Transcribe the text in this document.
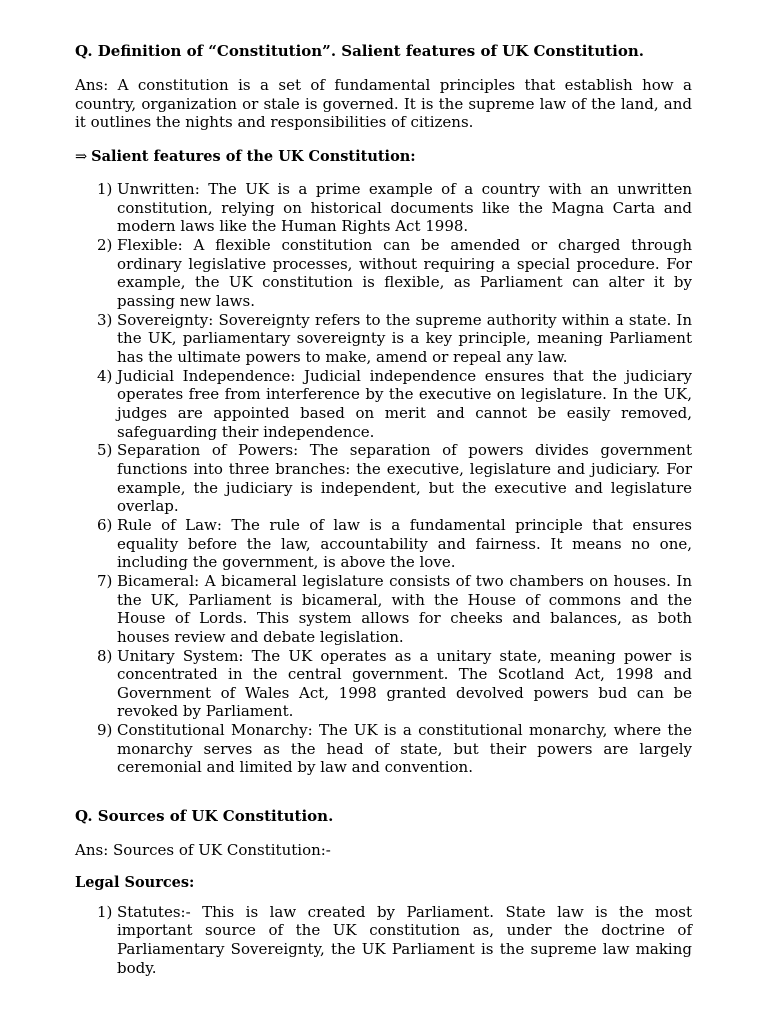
Q. Definition of “Constitution”. Salient features of UK Constitution.

Ans: A constitution is a set of fundamental principles that establish how a country, organization or stale is governed. It is the supreme law of the land, and it outlines the nights and responsibilities of citizens.

⇒ Salient features of the UK Constitution:
1) Unwritten: The UK is a prime example of a country with an unwritten constitution, relying on historical documents like the Magna Carta and modern laws like the Human Rights Act 1998.
2) Flexible: A flexible constitution can be amended or charged through ordinary legislative processes, without requiring a special procedure. For example, the UK constitution is flexible, as Parliament can alter it by passing new laws.
3) Sovereignty: Sovereignty refers to the supreme authority within a state. In the UK, parliamentary sovereignty is a key principle, meaning Parliament has the ultimate powers to make, amend or repeal any law.
4) Judicial Independence: Judicial independence ensures that the judiciary operates free from interference by the executive on legislature. In the UK, judges are appointed based on merit and cannot be easily removed, safeguarding their independence.
5) Separation of Powers: The separation of powers divides government functions into three branches: the executive, legislature and judiciary. For example, the judiciary is independent, but the executive and legislature overlap.
6) Rule of Law: The rule of law is a fundamental principle that ensures equality before the law, accountability and fairness. It means no one, including the government, is above the love.
7) Bicameral: A bicameral legislature consists of two chambers on houses. In the UK, Parliament is bicameral, with the House of commons and the House of Lords. This system allows for cheeks and balances, as both houses review and debate legislation.
8) Unitary System: The UK operates as a unitary state, meaning power is concentrated in the central government. The Scotland Act, 1998 and Government of Wales Act, 1998 granted devolved powers bud can be revoked by Parliament.
9) Constitutional Monarchy: The UK is a constitutional monarchy, where the monarchy serves as the head of state, but their powers are largely ceremonial and limited by law and convention.
Q. Sources of UK Constitution.

Ans: Sources of UK Constitution:-

Legal Sources:
1) Statutes:- This is law created by Parliament. State law is the most important source of the UK constitution as, under the doctrine of Parliamentary Sovereignty, the UK Parliament is the supreme law making body.
